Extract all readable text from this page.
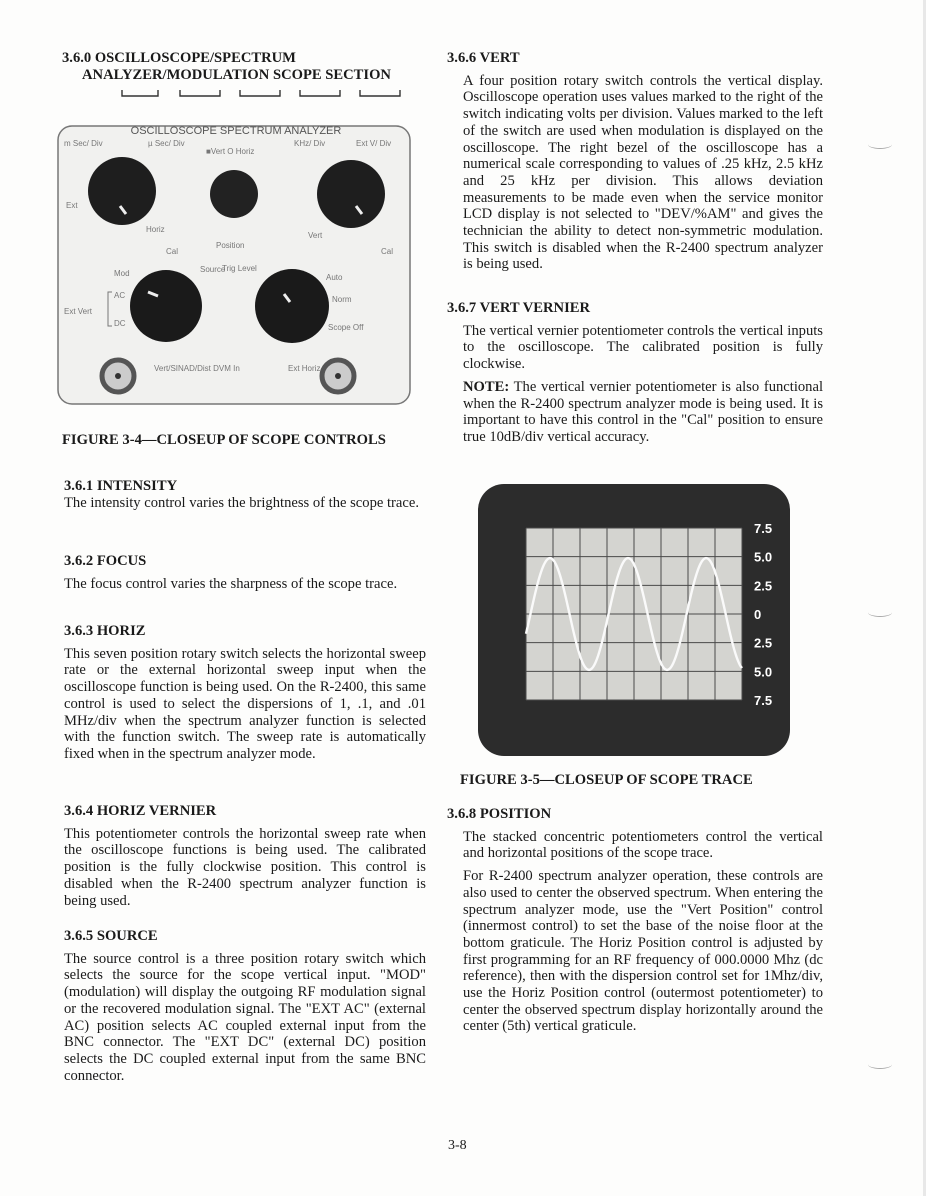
3.6.0 OSCILLOSCOPE/SPECTRUM
ANALYZER/MODULATION SCOPE SECTION
OSCILLOSCOPE SPECTRUM ANALYZER
m Sec/ Div	µ Sec/ Div
■Vert O Horiz
KHz/ Div	Ext V/ Div
Ext
Horiz
Cal
Position
Vert
Cal
Mod	Source
AC
DC
Ext Vert
Trig Level
Auto
Norm
Scope Off
Vert/SINAD/Dist DVM In	Ext Horiz
FIGURE 3-4—CLOSEUP OF SCOPE CONTROLS
3.6.1 INTENSITY
The intensity control varies the brightness of the scope trace.
3.6.2 FOCUS
The focus control varies the sharpness of the scope trace.
3.6.3 HORIZ
This seven position rotary switch selects the horizontal sweep rate or the external horizontal sweep input when the oscilloscope function is being used. On the R-2400, this same control is used to select the dispersions of 1, .1, and .01 MHz/div when the spectrum analyzer function is selected with the function switch. The sweep rate is automatically fixed when in the spectrum analyzer mode.
3.6.4 HORIZ VERNIER
This potentiometer controls the horizontal sweep rate when the oscilloscope functions is being used. The calibrated position is the fully clockwise position. This control is disabled when the R-2400 spectrum analyzer function is being used.
3.6.5 SOURCE
The source control is a three position rotary switch which selects the source for the scope vertical input. "MOD" (modulation) will display the outgoing RF modulation signal or the recovered modulation signal. The "EXT AC" (external AC) position selects AC coupled external input from the BNC connector. The "EXT DC" (external DC) position selects the DC coupled external input from the same BNC connector.
3.6.6 VERT
A four position rotary switch controls the vertical display. Oscilloscope operation uses values marked to the right of the switch indicating volts per division. Values marked to the left of the switch are used when modulation is displayed on the oscilloscope. The right bezel of the oscilloscope has a numerical scale corresponding to values of .25 kHz, 2.5 kHz and 25 kHz per division. This allows deviation measurements to be made even when the service monitor LCD display is not selected to "DEV/%AM" and gives the technician the ability to detect non-symmetric modulation. This switch is disabled when the R-2400 spectrum analyzer is being used.
3.6.7 VERT VERNIER
The vertical vernier potentiometer controls the vertical inputs to the oscilloscope. The calibrated position is fully clockwise.
NOTE: The vertical vernier potentiometer is also functional when the R-2400 spectrum analyzer mode is being used. It is important to have this control in the "Cal" position to ensure true 10dB/div vertical accuracy.
7.5
5.0
2.5
0
2.5
5.0
7.5
FIGURE 3-5—CLOSEUP OF SCOPE TRACE
3.6.8 POSITION
The stacked concentric potentiometers control the vertical and horizontal positions of the scope trace.
For R-2400 spectrum analyzer operation, these controls are also used to center the observed spectrum. When entering the spectrum analyzer mode, use the "Vert Position" control (innermost control) to set the base of the noise floor at the bottom graticule. The Horiz Position control is adjusted by first programming for an RF frequency of 000.0000 Mhz (dc reference), then with the dispersion control set for 1Mhz/div, use the Horiz Position control (outermost potentiometer) to center the observed spectrum display horizontally around the center (5th) vertical graticule.
3-8
